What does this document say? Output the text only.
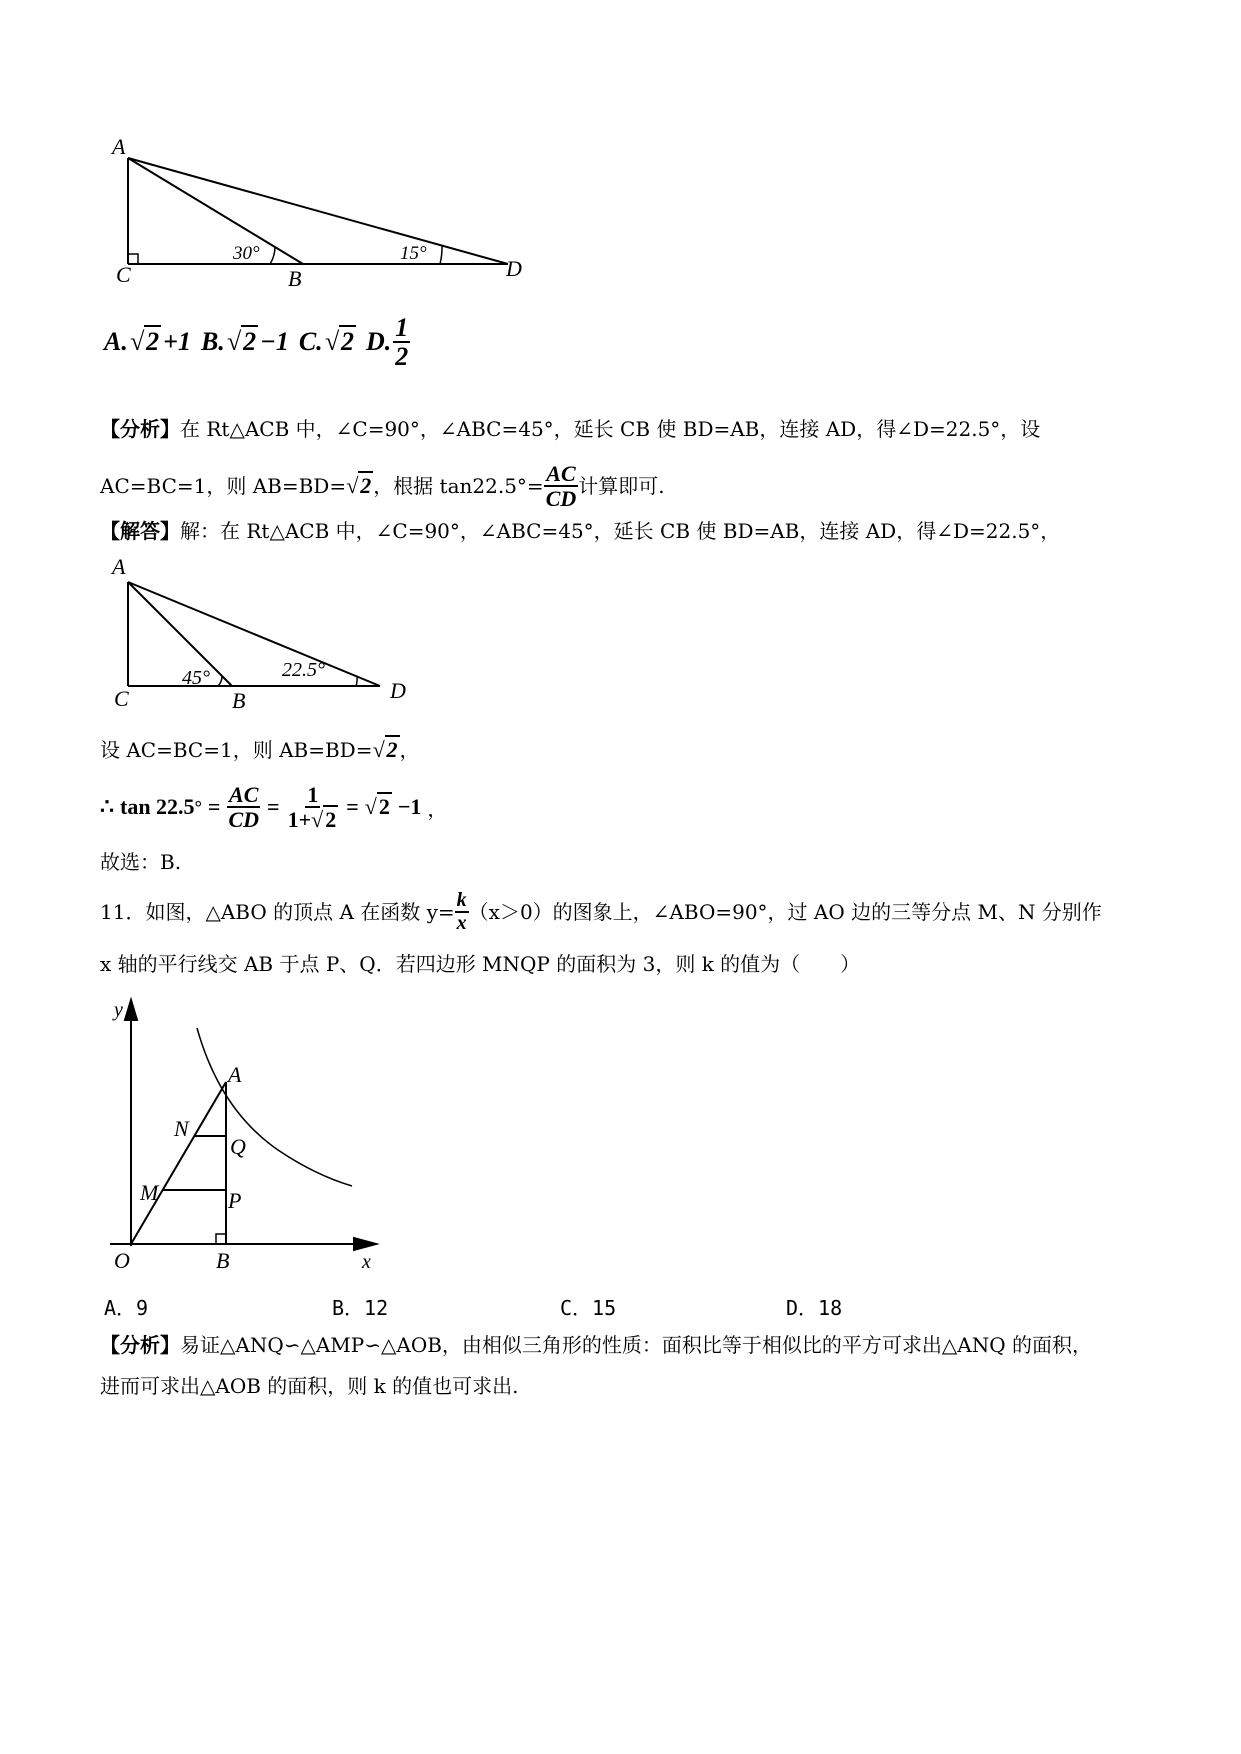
A
C	B	D
30°	15°
A. √2 +1 B. √2 −1 C. √2 D. $\frac{1}{2}$
【分析】在 Rt△ACB 中，∠C=90°，∠ABC=45°，延长 CB 使 BD=AB，连接 AD，得∠D=22.5°，设
AC=BC=1，则 AB=BD= √2 ，根据 $\tan 22.5^\circ= \frac{AC}{CD}$ 计算即可.
【解答】解：在 Rt△ACB 中，∠C=90°，∠ABC=45°，延长 CB 使 BD=AB，连接 AD，得∠D=22.5°，
A
C	B	D
45°	22.5°
设 AC=BC=1，则 AB=BD= √2 ，
∴ tan 22.5 ° = $\frac{AC}{CD} = \frac{1}{1+√2} = √2 -1$ ，
故选：B.
11．如图，△ABO 的顶点 A 在函数 $y= \frac{k}{x} (x>0)$的图象上，∠ABO=90°，过 AO 边的三等分点 M、N 分别作
x 轴的平行线交 AB 于点 P、Q．若四边形 MNQP 的面积为 3，则 k 的值为（　　）
y
x
O	B
A
N
Q
M	P
A．9	B．12	C．15	D．18
【分析】易证△ANQ∽△AMP∽△AOB，由相似三角形的性质：面积比等于相似比的平方可求出△ANQ 的面积，
进而可求出△AOB 的面积，则 k 的值也可求出.
